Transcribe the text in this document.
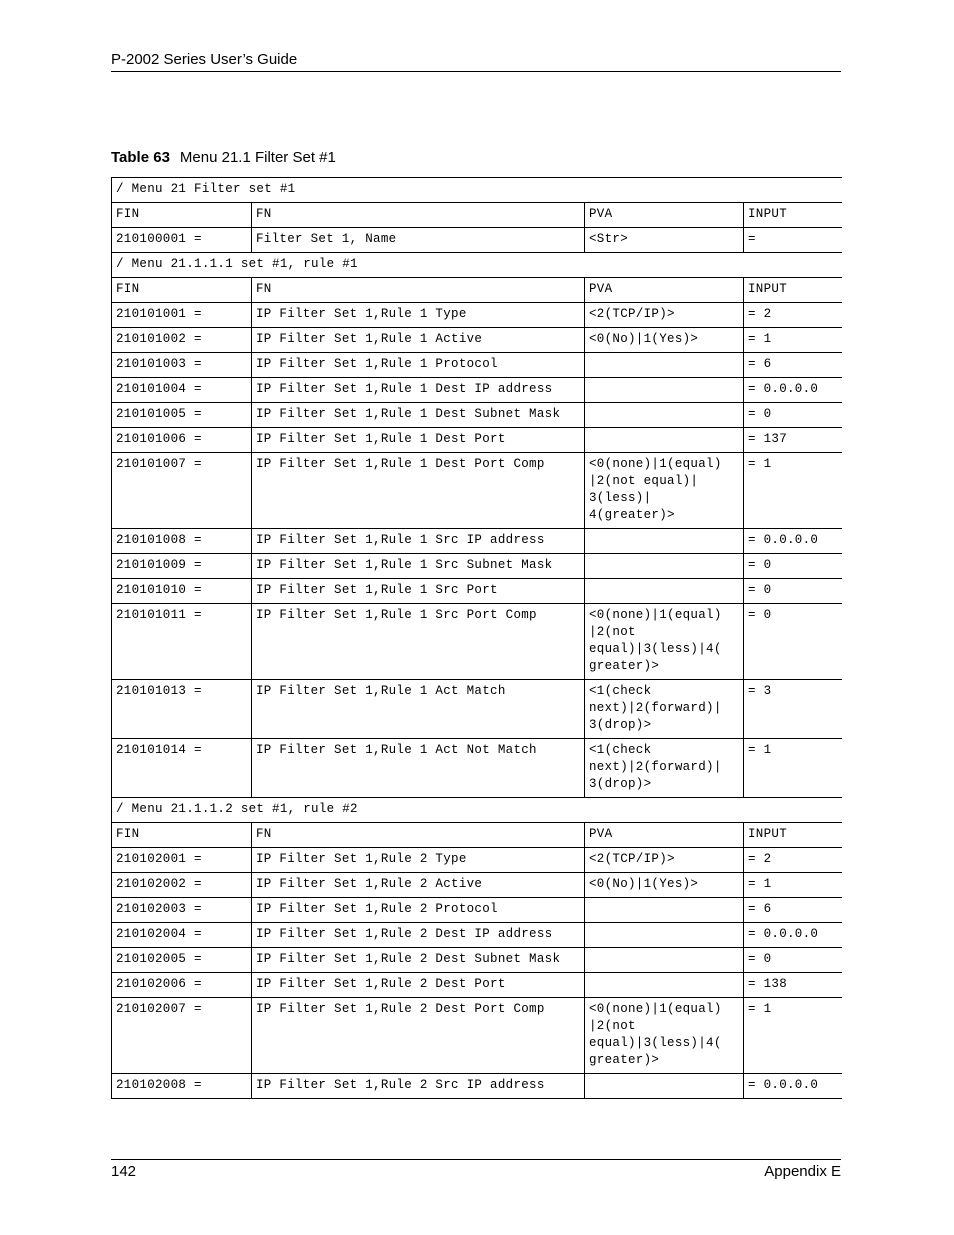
P-2002 Series User’s Guide
Table 63 Menu 21.1 Filter Set #1
/ Menu 21 Filter set #1			
FIN	FN	PVA	INPUT
210100001 =	Filter Set 1, Name	<Str>	=
/ Menu 21.1.1.1 set #1, rule #1			
FIN	FN	PVA	INPUT
210101001 =	IP Filter Set 1,Rule 1 Type	<2(TCP/IP)>	= 2
210101002 =	IP Filter Set 1,Rule 1 Active	<0(No)|1(Yes)>	= 1
210101003 =	IP Filter Set 1,Rule 1 Protocol		= 6
210101004 =	IP Filter Set 1,Rule 1 Dest IP address		= 0.0.0.0
210101005 =	IP Filter Set 1,Rule 1 Dest Subnet Mask		= 0
210101006 =	IP Filter Set 1,Rule 1 Dest Port		= 137
210101007 =	IP Filter Set 1,Rule 1 Dest Port Comp	<0(none)|1(equal)
|2(not equal)|
3(less)|
4(greater)>	= 1
210101008 =	IP Filter Set 1,Rule 1 Src IP address		= 0.0.0.0
210101009 =	IP Filter Set 1,Rule 1 Src Subnet Mask		= 0
210101010 =	IP Filter Set 1,Rule 1 Src Port		= 0
210101011 =	IP Filter Set 1,Rule 1 Src Port Comp	<0(none)|1(equal)
|2(not
equal)|3(less)|4(
greater)>	= 0
210101013 =	IP Filter Set 1,Rule 1 Act Match	<1(check
next)|2(forward)|
3(drop)>	= 3
210101014 =	IP Filter Set 1,Rule 1 Act Not Match	<1(check
next)|2(forward)|
3(drop)>	= 1
/ Menu 21.1.1.2 set #1, rule #2			
FIN	FN	PVA	INPUT
210102001 =	IP Filter Set 1,Rule 2 Type	<2(TCP/IP)>	= 2
210102002 =	IP Filter Set 1,Rule 2 Active	<0(No)|1(Yes)>	= 1
210102003 =	IP Filter Set 1,Rule 2 Protocol		= 6
210102004 =	IP Filter Set 1,Rule 2 Dest IP address		= 0.0.0.0
210102005 =	IP Filter Set 1,Rule 2 Dest Subnet Mask		= 0
210102006 =	IP Filter Set 1,Rule 2 Dest Port		= 138
210102007 =	IP Filter Set 1,Rule 2 Dest Port Comp	<0(none)|1(equal)
|2(not
equal)|3(less)|4(
greater)>	= 1
210102008 =	IP Filter Set 1,Rule 2 Src IP address		= 0.0.0.0
142	Appendix E
